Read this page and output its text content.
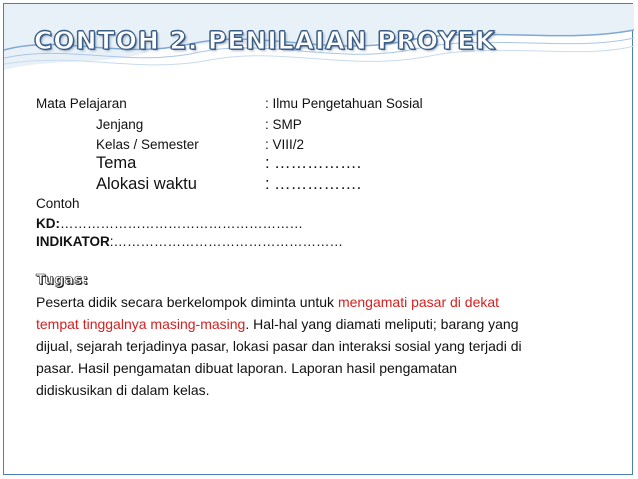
CONTOH 2. PENILAIAN PROYEK
Mata Pelajaran	: Ilmu Pengetahuan Sosial
Jenjang	: SMP
Kelas / Semester	: VIII/2
Tema	: …………….
Alokasi waktu	: …………….
Contoh
KD:………………………………………………
INDIKATOR:……………………………………………
Tugas:
Peserta didik secara berkelompok diminta untuk mengamati pasar di dekat
tempat tinggalnya masing-masing. Hal-hal yang diamati meliputi; barang yang
dijual, sejarah terjadinya pasar, lokasi pasar dan interaksi sosial yang terjadi di
pasar. Hasil pengamatan dibuat laporan. Laporan hasil pengamatan
didiskusikan di dalam kelas.
